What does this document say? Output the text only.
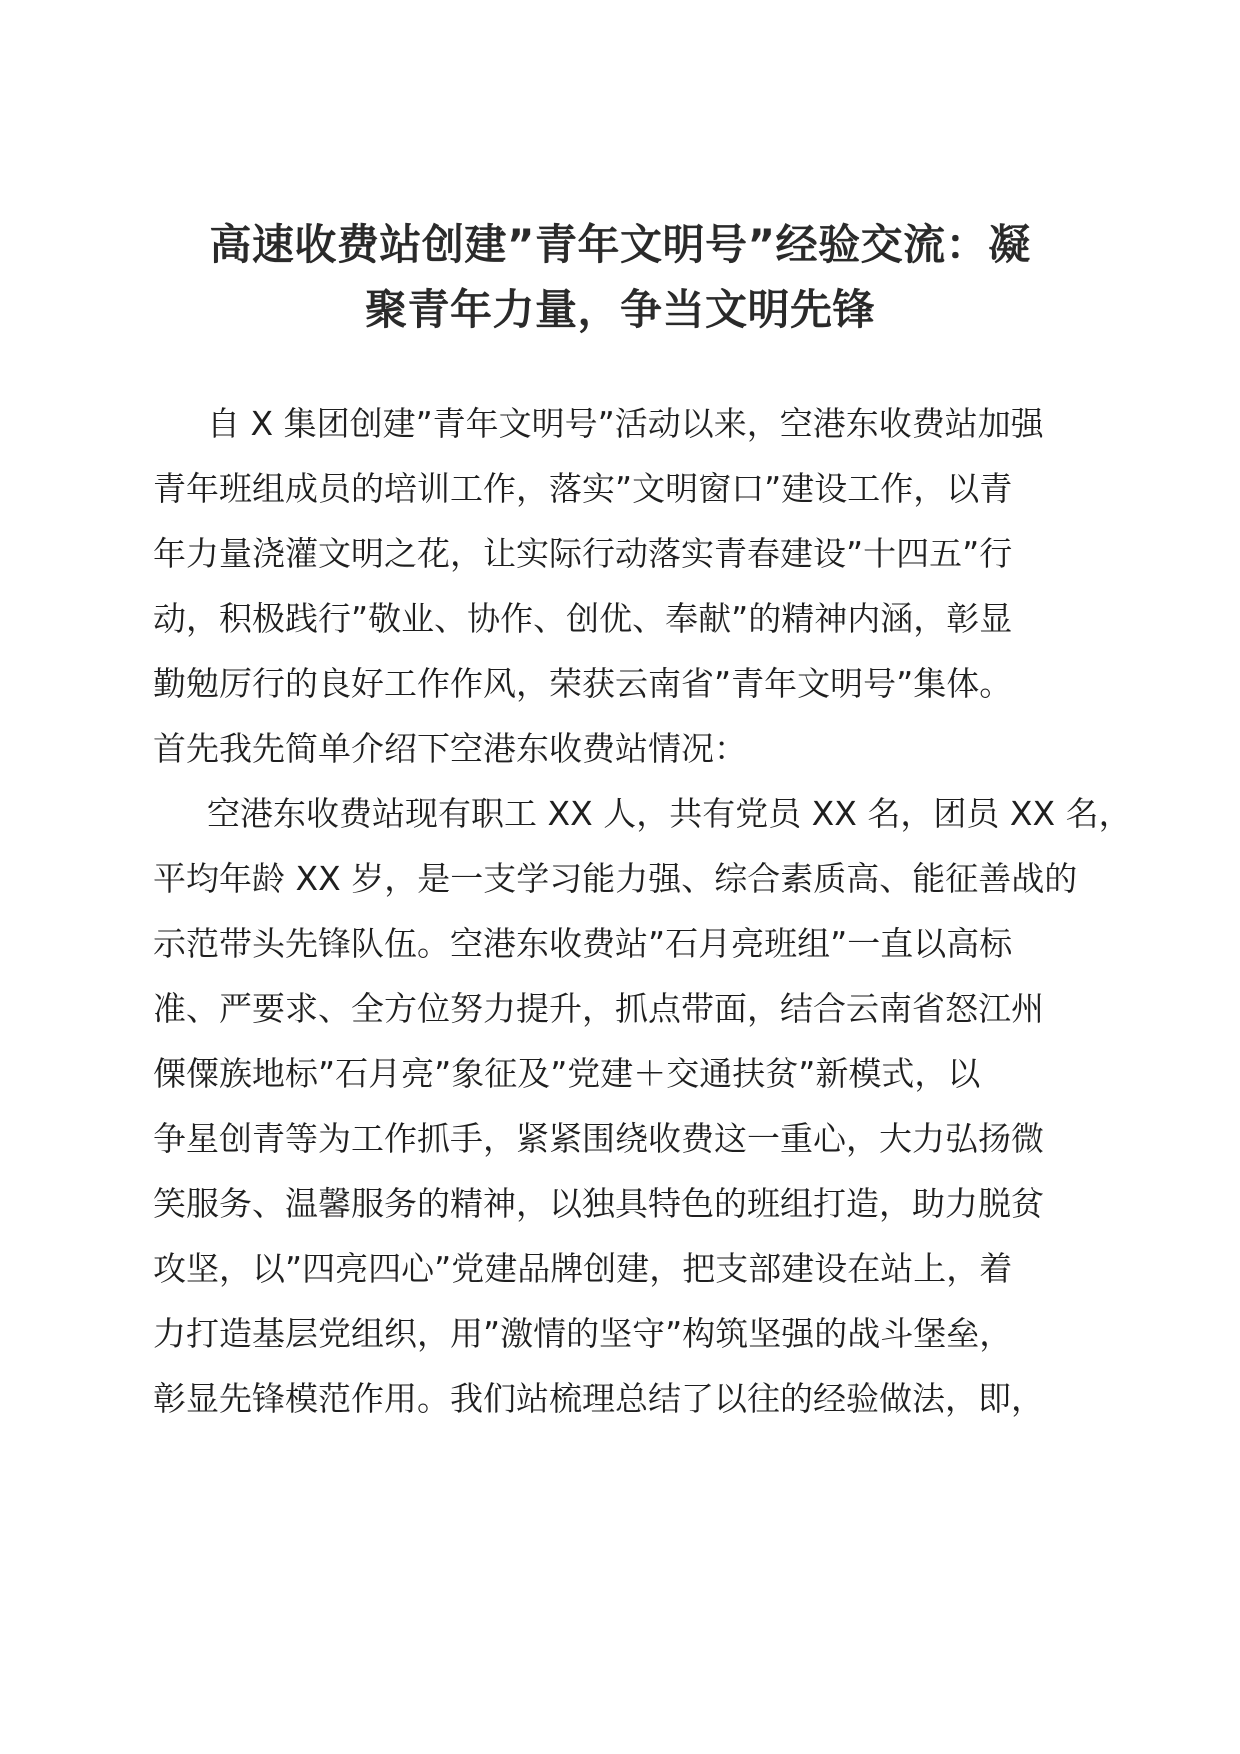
高速收费站创建”青年文明号”经验交流：凝
聚青年力量，争当文明先锋

自 X 集团创建”青年文明号”活动以来，空港东收费站加强
青年班组成员的培训工作，落实”文明窗口”建设工作，以青
年力量浇灌文明之花，让实际行动落实青春建设”十四五”行
动，积极践行”敬业、协作、创优、奉献”的精神内涵，彰显
勤勉厉行的良好工作作风，荣获云南省”青年文明号”集体。
首先我先简单介绍下空港东收费站情况：

空港东收费站现有职工 XX 人，共有党员 XX 名，团员 XX 名，
平均年龄 XX 岁，是一支学习能力强、综合素质高、能征善战的
示范带头先锋队伍。空港东收费站”石月亮班组”一直以高标
准、严要求、全方位努力提升，抓点带面，结合云南省怒江州
傈僳族地标”石月亮”象征及”党建＋交通扶贫”新模式，以
争星创青等为工作抓手，紧紧围绕收费这一重心，大力弘扬微
笑服务、温馨服务的精神，以独具特色的班组打造，助力脱贫
攻坚，以”四亮四心”党建品牌创建，把支部建设在站上，着
力打造基层党组织，用”激情的坚守”构筑坚强的战斗堡垒，
彰显先锋模范作用。我们站梳理总结了以往的经验做法，即，
